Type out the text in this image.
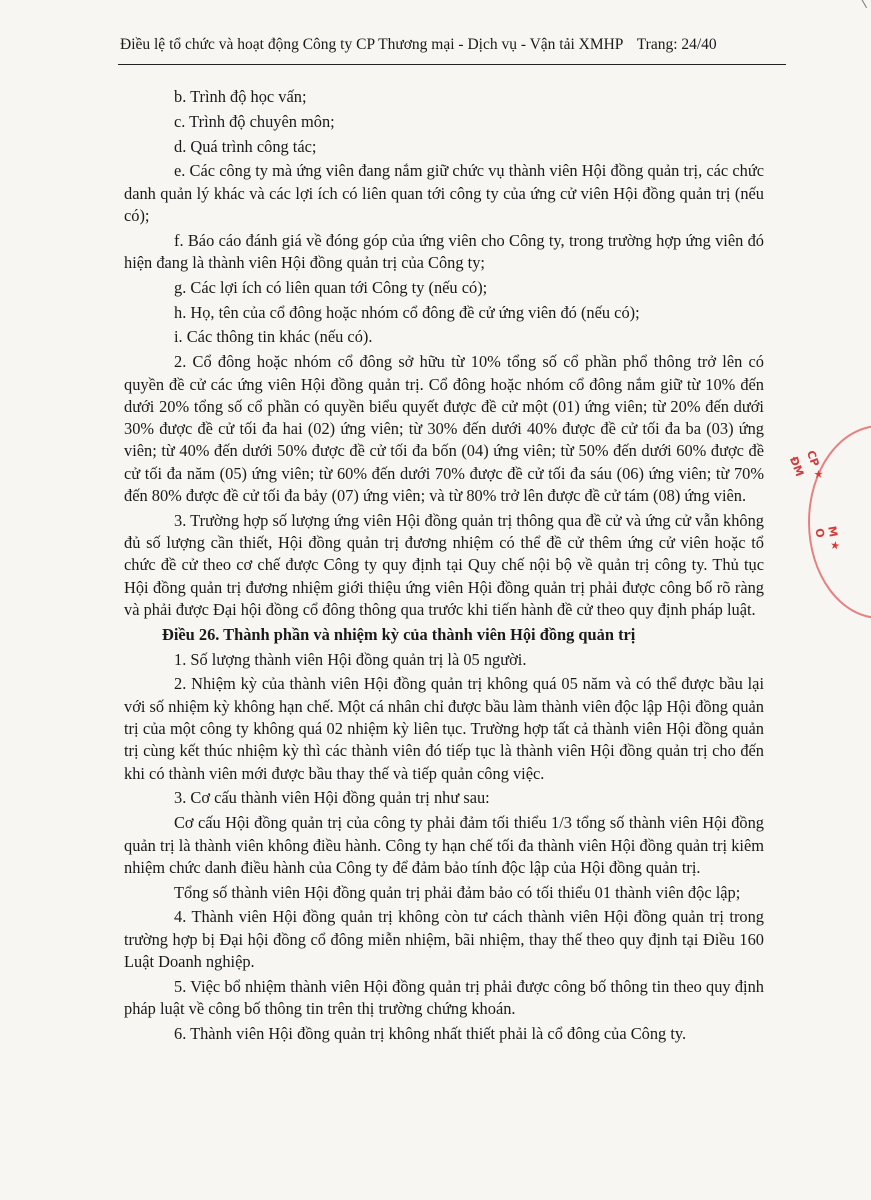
Điều lệ tổ chức và hoạt động Công ty CP Thương mại - Dịch vụ - Vận tải XMHP Trang: 24/40

b. Trình độ học vấn;

c. Trình độ chuyên môn;

d. Quá trình công tác;

e. Các công ty mà ứng viên đang nắm giữ chức vụ thành viên Hội đồng quản trị, các chức danh quản lý khác và các lợi ích có liên quan tới công ty của ứng cử viên Hội đồng quản trị (nếu có);

f. Báo cáo đánh giá về đóng góp của ứng viên cho Công ty, trong trường hợp ứng viên đó hiện đang là thành viên Hội đồng quản trị của Công ty;

g. Các lợi ích có liên quan tới Công ty (nếu có);

h. Họ, tên của cổ đông hoặc nhóm cổ đông đề cử ứng viên đó (nếu có);

i. Các thông tin khác (nếu có).

2. Cổ đông hoặc nhóm cổ đông sở hữu từ 10% tổng số cổ phần phổ thông trở lên có quyền đề cử các ứng viên Hội đồng quản trị. Cổ đông hoặc nhóm cổ đông nắm giữ từ 10% đến dưới 20% tổng số cổ phần có quyền biểu quyết được đề cử một (01) ứng viên; từ 20% đến dưới 30% được đề cử tối đa hai (02) ứng viên; từ 30% đến dưới 40% được đề cử tối đa ba (03) ứng viên; từ 40% đến dưới 50% được đề cử tối đa bốn (04) ứng viên; từ 50% đến dưới 60% được đề cử tối đa năm (05) ứng viên; từ 60% đến dưới 70% được đề cử tối đa sáu (06) ứng viên; từ 70% đến 80% được đề cử tối đa bảy (07) ứng viên; và từ 80% trở lên được đề cử tám (08) ứng viên.

3. Trường hợp số lượng ứng viên Hội đồng quản trị thông qua đề cử và ứng cử vẫn không đủ số lượng cần thiết, Hội đồng quản trị đương nhiệm có thể đề cử thêm ứng cử viên hoặc tổ chức đề cử theo cơ chế được Công ty quy định tại Quy chế nội bộ về quản trị công ty. Thủ tục Hội đồng quản trị đương nhiệm giới thiệu ứng viên Hội đồng quản trị phải được công bố rõ ràng và phải được Đại hội đồng cổ đông thông qua trước khi tiến hành đề cử theo quy định pháp luật.

Điều 26. Thành phần và nhiệm kỳ của thành viên Hội đồng quản trị

1. Số lượng thành viên Hội đồng quản trị là 05 người.

2. Nhiệm kỳ của thành viên Hội đồng quản trị không quá 05 năm và có thể được bầu lại với số nhiệm kỳ không hạn chế. Một cá nhân chỉ được bầu làm thành viên độc lập Hội đồng quản trị của một công ty không quá 02 nhiệm kỳ liên tục. Trường hợp tất cả thành viên Hội đồng quản trị cùng kết thúc nhiệm kỳ thì các thành viên đó tiếp tục là thành viên Hội đồng quản trị cho đến khi có thành viên mới được bầu thay thế và tiếp quản công việc.

3. Cơ cấu thành viên Hội đồng quản trị như sau:

Cơ cấu Hội đồng quản trị của công ty phải đảm tối thiểu 1/3 tổng số thành viên Hội đồng quản trị là thành viên không điều hành. Công ty hạn chế tối đa thành viên Hội đồng quản trị kiêm nhiệm chức danh điều hành của Công ty để đảm bảo tính độc lập của Hội đồng quản trị.

Tổng số thành viên Hội đồng quản trị phải đảm bảo có tối thiểu 01 thành viên độc lập;

4. Thành viên Hội đồng quản trị không còn tư cách thành viên Hội đồng quản trị trong trường hợp bị Đại hội đồng cổ đông miễn nhiệm, bãi nhiệm, thay thế theo quy định tại Điều 160 Luật Doanh nghiệp.

5. Việc bổ nhiệm thành viên Hội đồng quản trị phải được công bố thông tin theo quy định pháp luật về công bố thông tin trên thị trường chứng khoán.

6. Thành viên Hội đồng quản trị không nhất thiết phải là cổ đông của Công ty.

CP ★ ĐM
M ★ O
